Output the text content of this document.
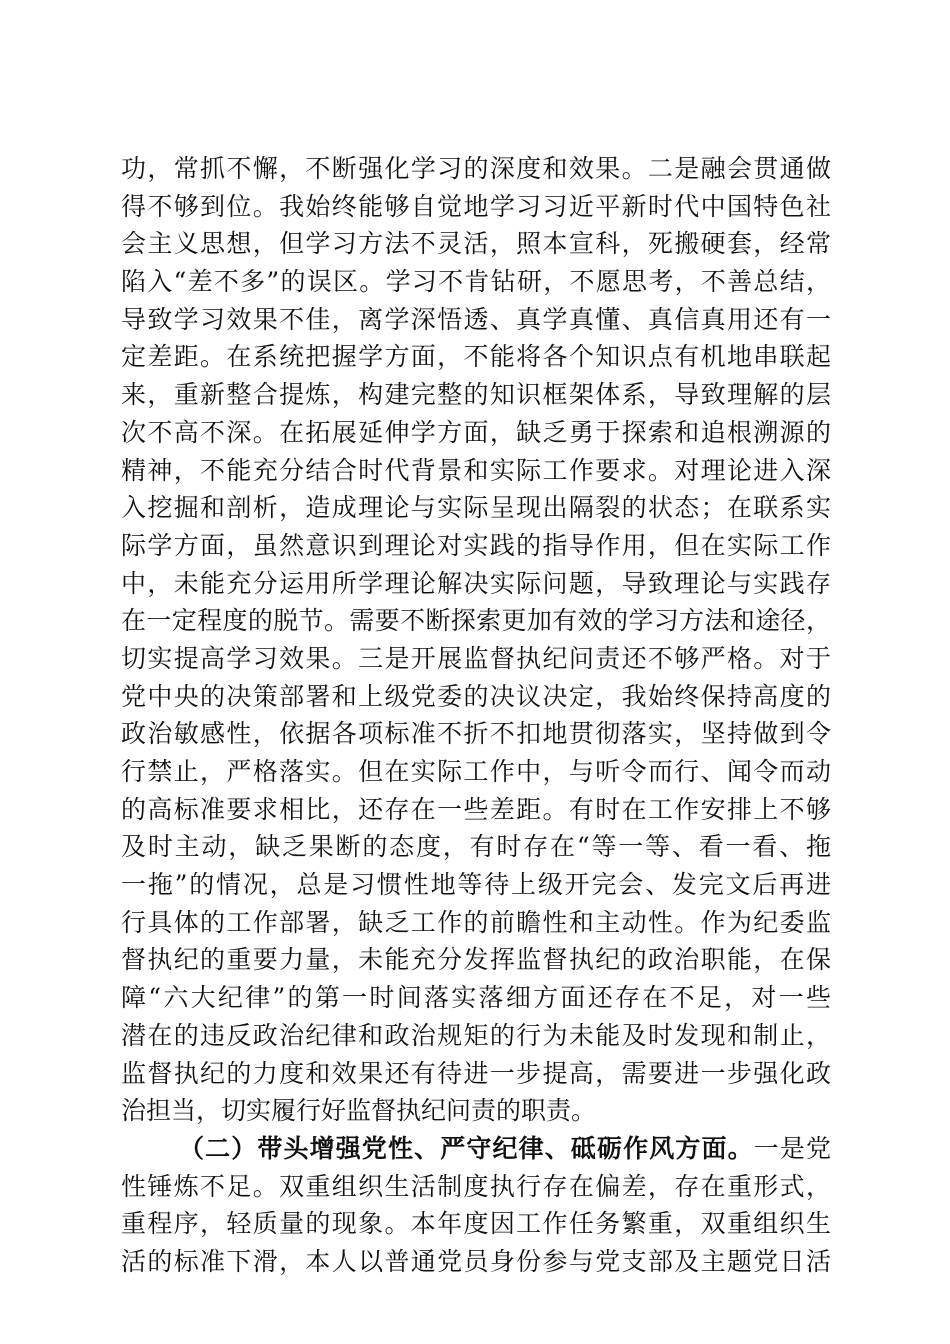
功，常抓不懈，不断强化学习的深度和效果。二是融会贯通做
得不够到位。我始终能够自觉地学习习近平新时代中国特色社
会主义思想，但学习方法不灵活，照本宣科，死搬硬套，经常
陷入“差不多”的误区。学习不肯钻研，不愿思考，不善总结，
导致学习效果不佳，离学深悟透、真学真懂、真信真用还有一
定差距。在系统把握学方面，不能将各个知识点有机地串联起
来，重新整合提炼，构建完整的知识框架体系，导致理解的层
次不高不深。在拓展延伸学方面，缺乏勇于探索和追根溯源的
精神，不能充分结合时代背景和实际工作要求。对理论进入深
入挖掘和剖析，造成理论与实际呈现出隔裂的状态；在联系实
际学方面，虽然意识到理论对实践的指导作用，但在实际工作
中，未能充分运用所学理论解决实际问题，导致理论与实践存
在一定程度的脱节。需要不断探索更加有效的学习方法和途径，
切实提高学习效果。三是开展监督执纪问责还不够严格。对于
党中央的决策部署和上级党委的决议决定，我始终保持高度的
政治敏感性，依据各项标准不折不扣地贯彻落实，坚持做到令
行禁止，严格落实。但在实际工作中，与听令而行、闻令而动
的高标准要求相比，还存在一些差距。有时在工作安排上不够
及时主动，缺乏果断的态度，有时存在“等一等、看一看、拖
一拖”的情况，总是习惯性地等待上级开完会、发完文后再进
行具体的工作部署，缺乏工作的前瞻性和主动性。作为纪委监
督执纪的重要力量，未能充分发挥监督执纪的政治职能，在保
障“六大纪律”的第一时间落实落细方面还存在不足，对一些
潜在的违反政治纪律和政治规矩的行为未能及时发现和制止，
监督执纪的力度和效果还有待进一步提高，需要进一步强化政
治担当，切实履行好监督执纪问责的职责。
（二）带头增强党性、严守纪律、砥砺作风方面。一是党
性锤炼不足。双重组织生活制度执行存在偏差，存在重形式，
重程序，轻质量的现象。本年度因工作任务繁重，双重组织生
活的标准下滑，本人以普通党员身份参与党支部及主题党日活
